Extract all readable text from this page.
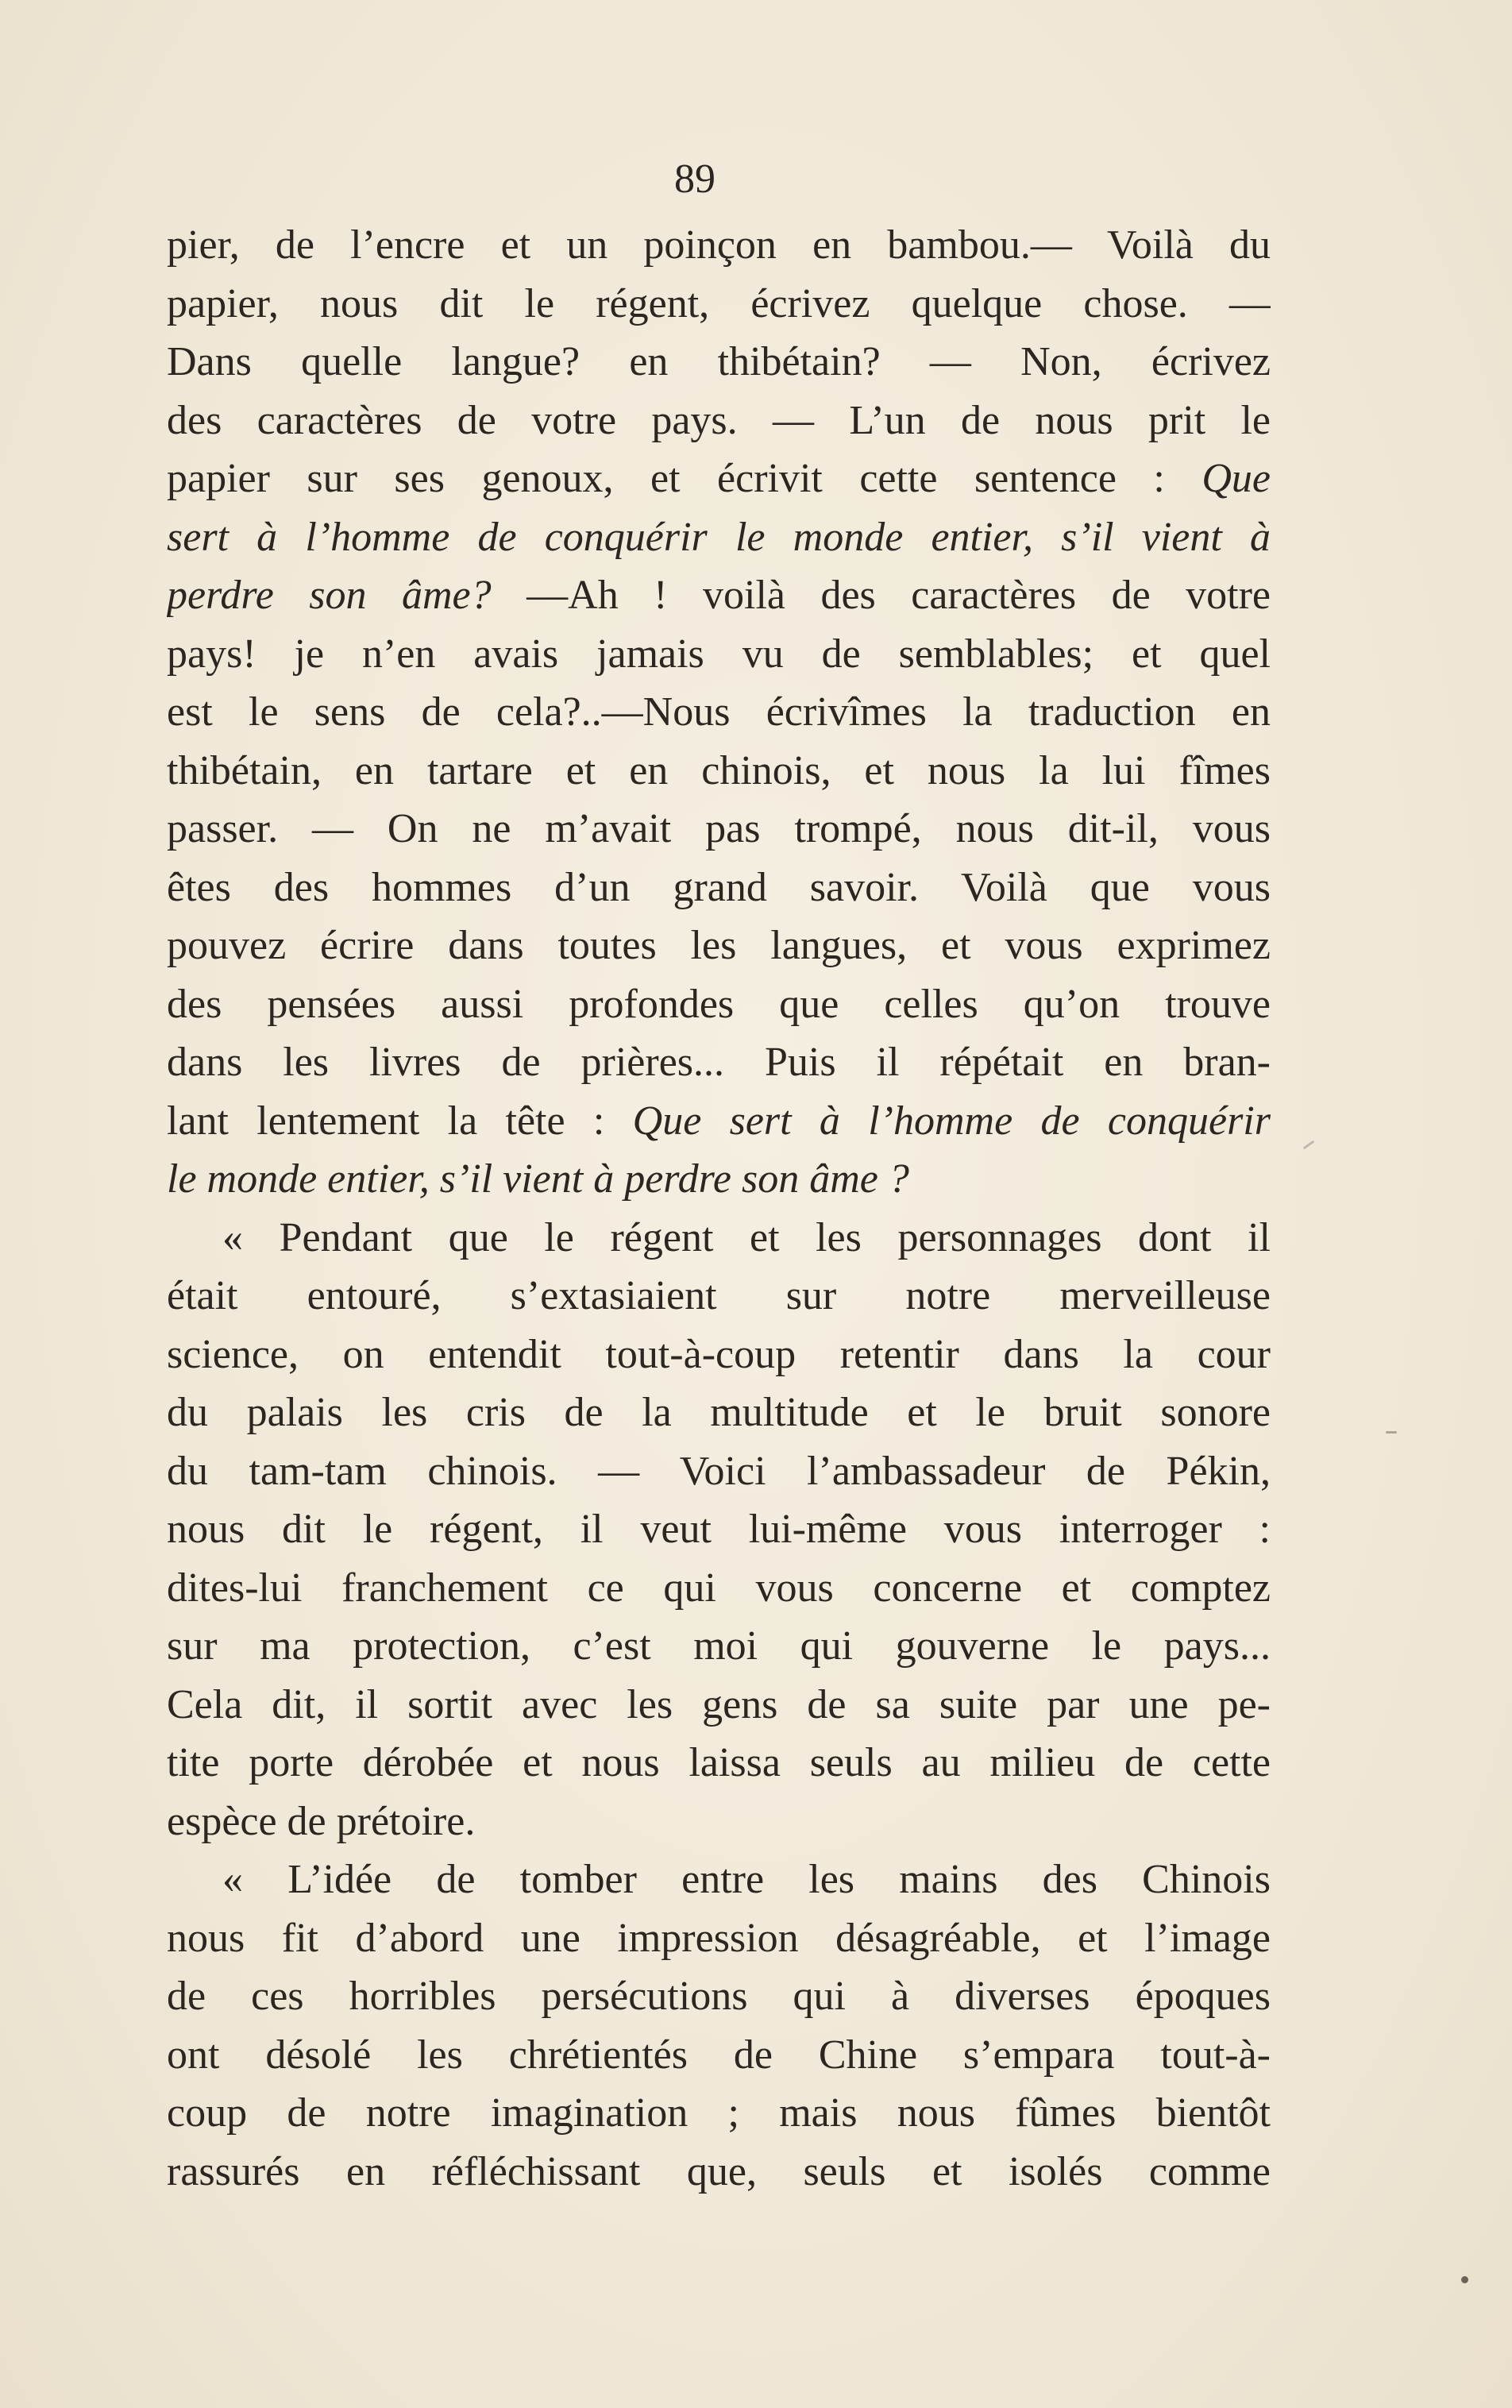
89
pier, de l’encre et un poinçon en bambou.— Voilà du
papier, nous dit le régent, écrivez quelque chose. —
Dans quelle langue? en thibétain? — Non, écrivez
des caractères de votre pays. — L’un de nous prit le
papier sur ses genoux, et écrivit cette sentence : Que
sert à l’homme de conquérir le monde entier, s’il vient à
perdre son âme? —Ah ! voilà des caractères de votre
pays! je n’en avais jamais vu de semblables; et quel
est le sens de cela?..—Nous écrivîmes la traduction en
thibétain, en tartare et en chinois, et nous la lui fîmes
passer. — On ne m’avait pas trompé, nous dit-il, vous
êtes des hommes d’un grand savoir. Voilà que vous
pouvez écrire dans toutes les langues, et vous exprimez
des pensées aussi profondes que celles qu’on trouve
dans les livres de prières... Puis il répétait en bran-
lant lentement la tête : Que sert à l’homme de conquérir
le monde entier, s’il vient à perdre son âme ?
« Pendant que le régent et les personnages dont il
était entouré, s’extasiaient sur notre merveilleuse
science, on entendit tout-à-coup retentir dans la cour
du palais les cris de la multitude et le bruit sonore
du tam-tam chinois. — Voici l’ambassadeur de Pékin,
nous dit le régent, il veut lui-même vous interroger :
dites-lui franchement ce qui vous concerne et comptez
sur ma protection, c’est moi qui gouverne le pays...
Cela dit, il sortit avec les gens de sa suite par une pe-
tite porte dérobée et nous laissa seuls au milieu de cette
espèce de prétoire.
« L’idée de tomber entre les mains des Chinois
nous fit d’abord une impression désagréable, et l’image
de ces horribles persécutions qui à diverses époques
ont désolé les chrétientés de Chine s’empara tout-à-
coup de notre imagination ; mais nous fûmes bientôt
rassurés en réfléchissant que, seuls et isolés comme
